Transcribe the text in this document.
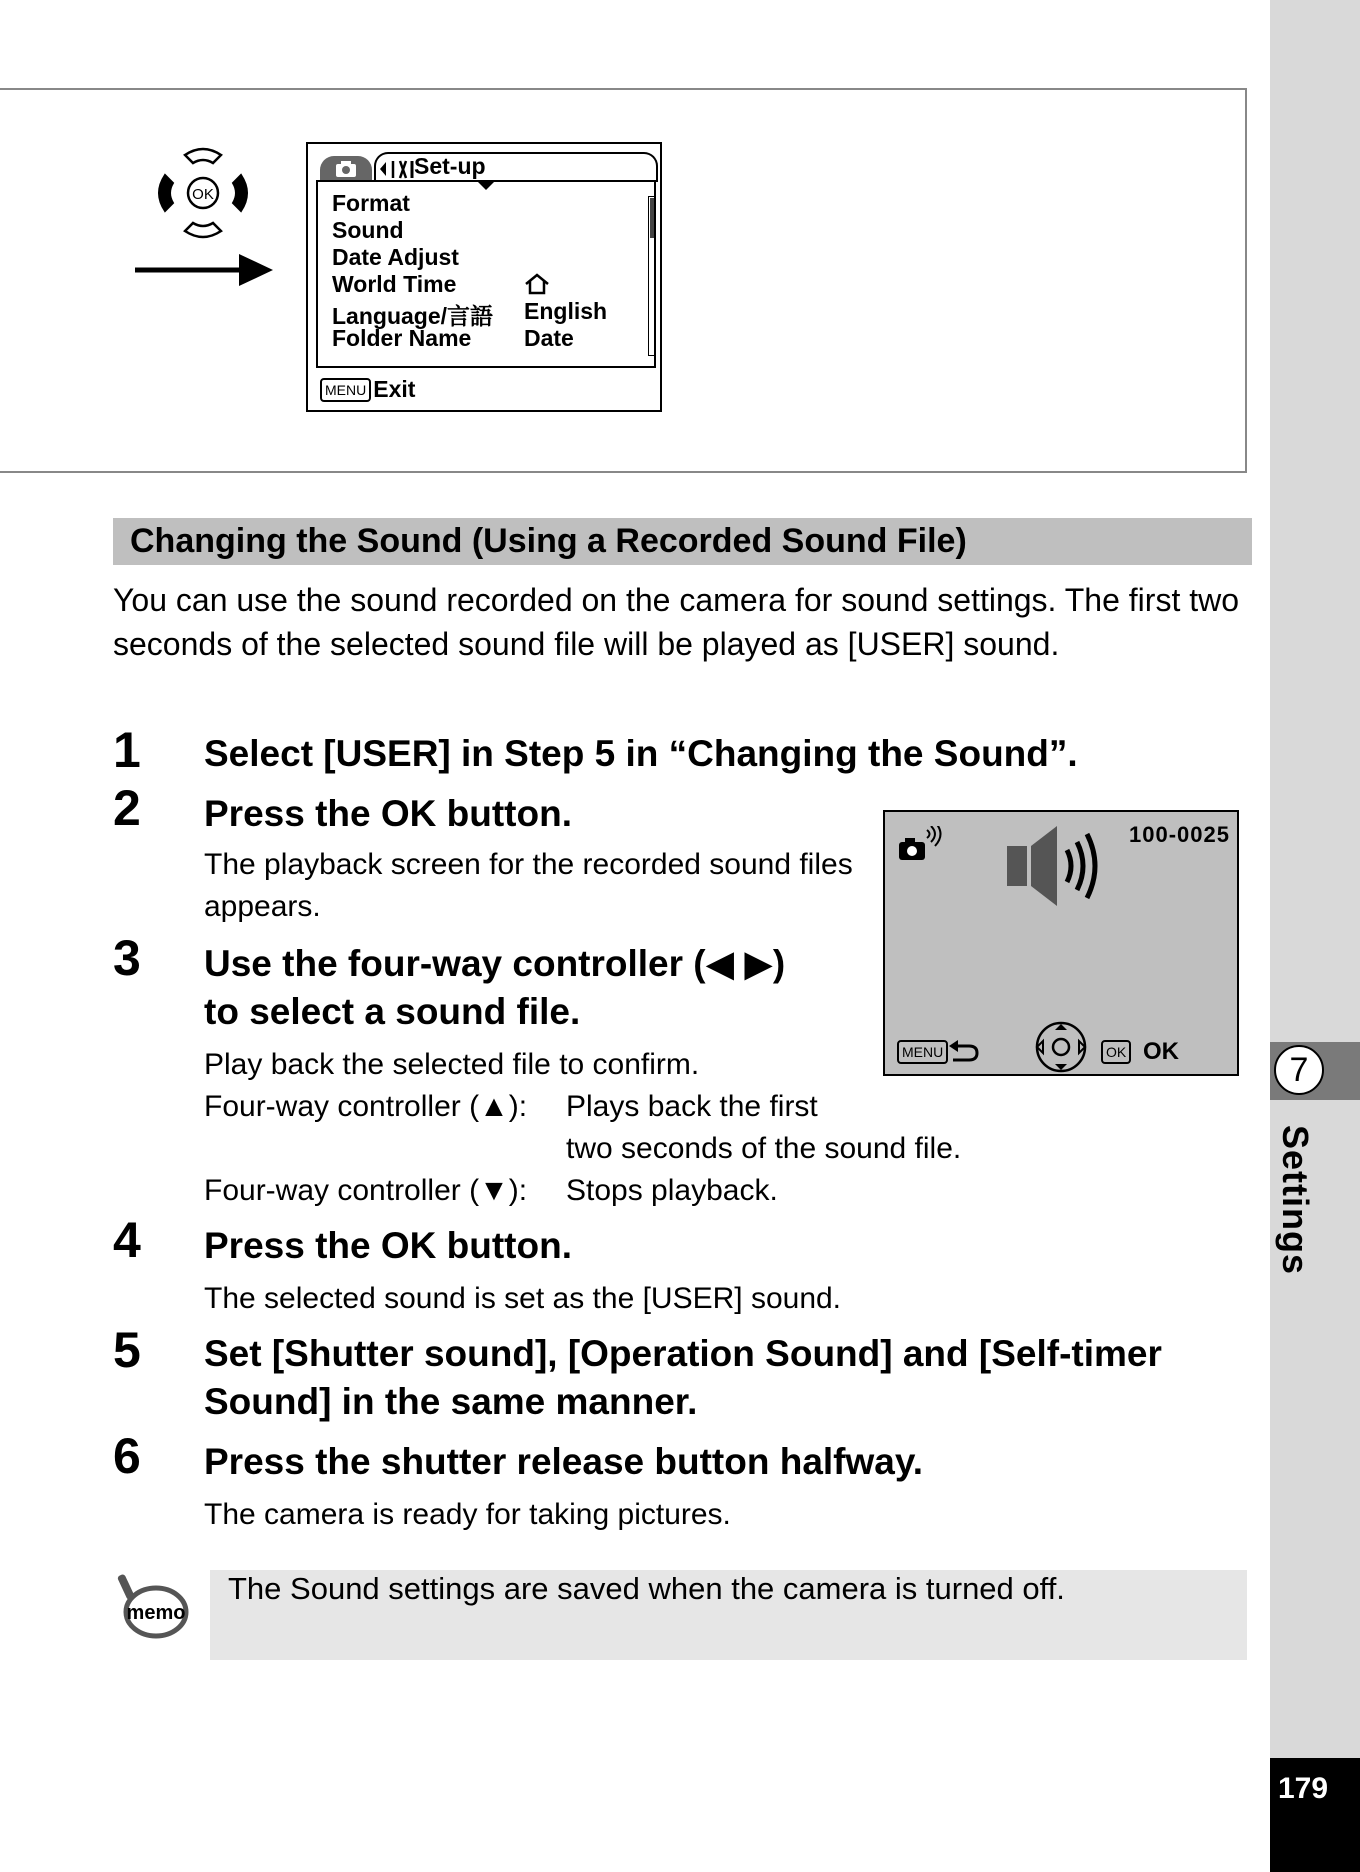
7
Settings
179
OK
Set-up
Format
Sound
Date Adjust
World Time
Language/言語 English
Folder Name Date
MENU Exit
Changing the Sound (Using a Recorded Sound File)
You can use the sound recorded on the camera for sound settings. The first two seconds of the selected sound file will be played as [USER] sound.
1 Select [USER] in Step 5 in “Changing the Sound”.
2 Press the OK button.
The playback screen for the recorded sound files appears.
3 Use the four-way controller (◀ ▶)
to select a sound file.
Play back the selected file to confirm.
Four-way controller (▲): Plays back the first
two seconds of the sound file.
Four-way controller (▼): Stops playback.
100-0025
MENU	OK OK
4 Press the OK button.
The selected sound is set as the [USER] sound.
5 Set [Shutter sound], [Operation Sound] and [Self-timer
Sound] in the same manner.
6 Press the shutter release button halfway.
The camera is ready for taking pictures.
memo
The Sound settings are saved when the camera is turned off.
